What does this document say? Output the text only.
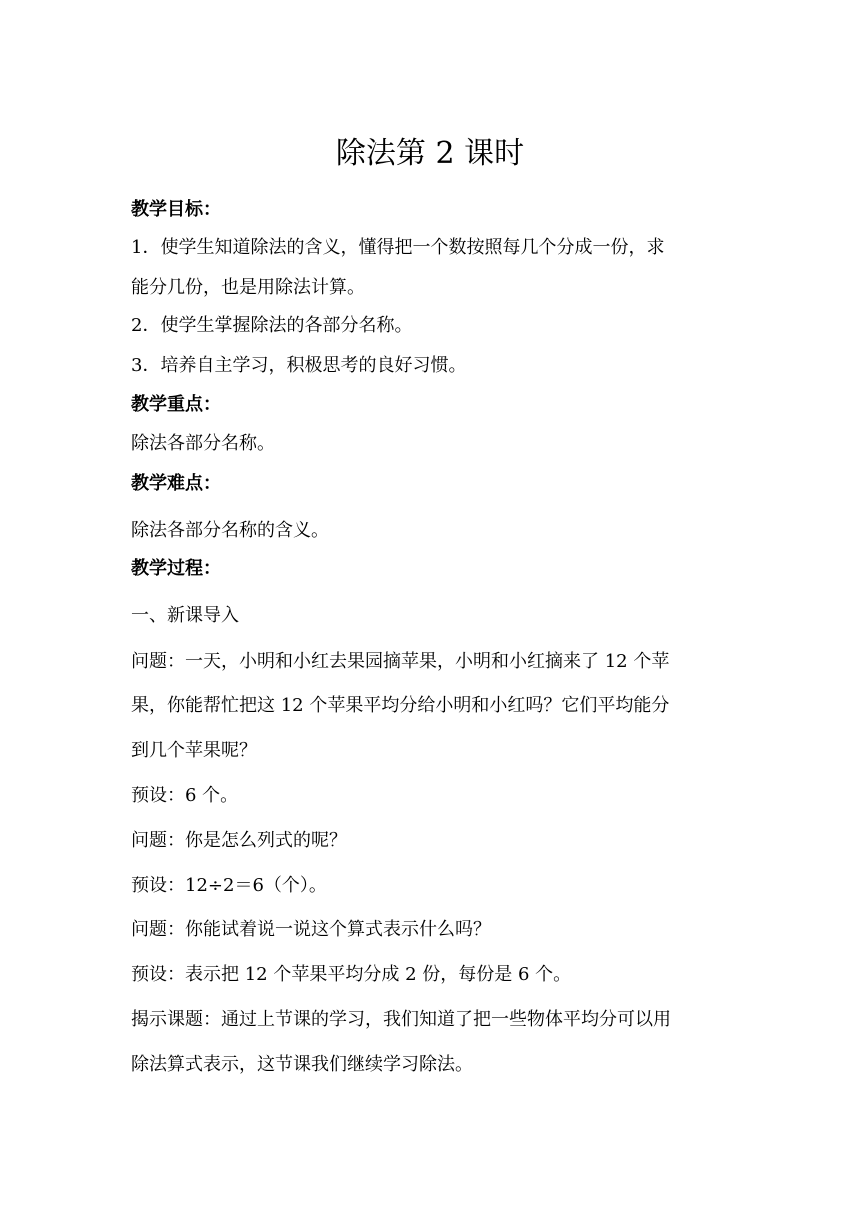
除法第 2 课时
教学目标：
1．使学生知道除法的含义，懂得把一个数按照每几个分成一份，求
能分几份，也是用除法计算。
2．使学生掌握除法的各部分名称。
3．培养自主学习，积极思考的良好习惯。
教学重点：
除法各部分名称。
教学难点：
除法各部分名称的含义。
教学过程：
一、新课导入
问题：一天，小明和小红去果园摘苹果，小明和小红摘来了 12 个苹
果，你能帮忙把这 12 个苹果平均分给小明和小红吗？它们平均能分
到几个苹果呢？
预设：6 个。
问题：你是怎么列式的呢？
预设：12÷2＝6（个）。
问题：你能试着说一说这个算式表示什么吗？
预设：表示把 12 个苹果平均分成 2 份，每份是 6 个。
揭示课题：通过上节课的学习，我们知道了把一些物体平均分可以用
除法算式表示，这节课我们继续学习除法。
